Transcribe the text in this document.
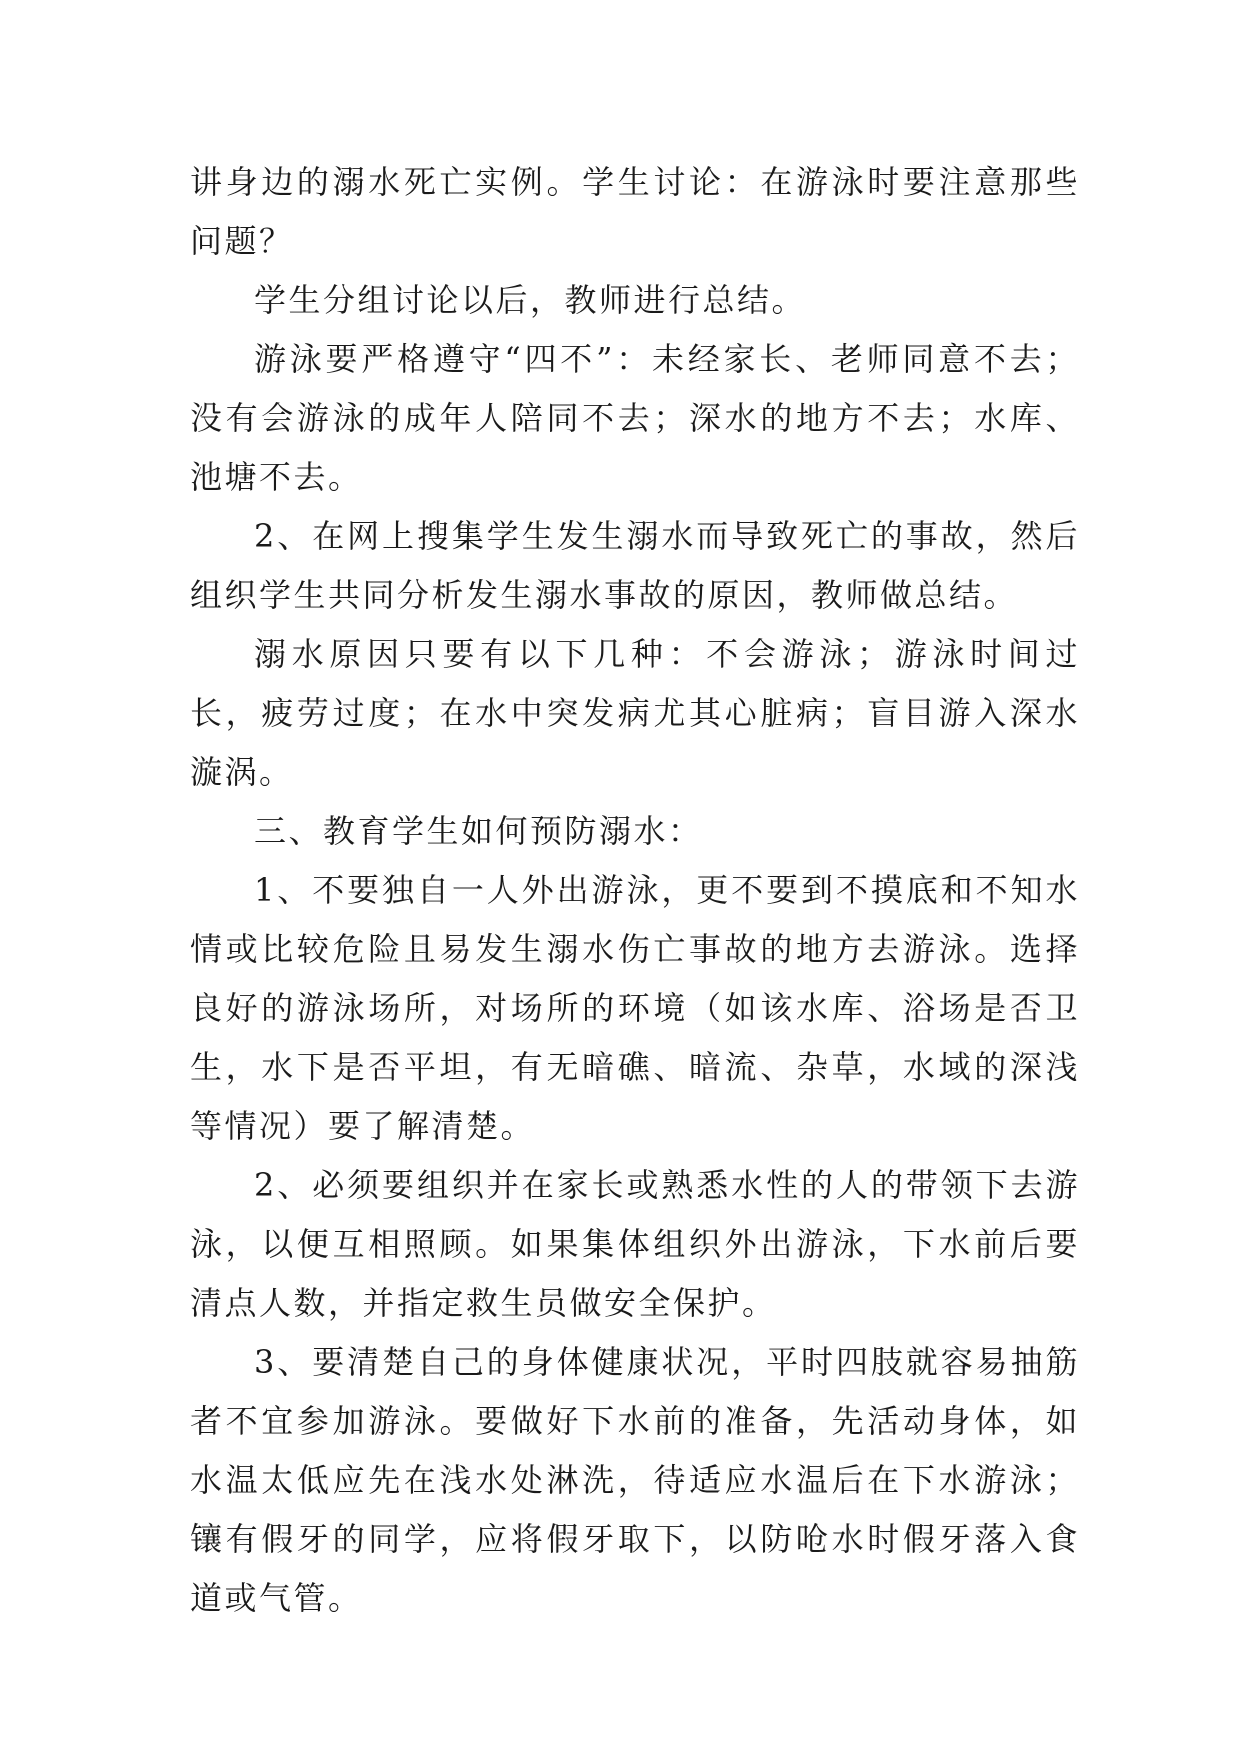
讲身边的溺水死亡实例。学生讨论：在游泳时要注意那些问题？

学生分组讨论以后，教师进行总结。

游泳要严格遵守“四不”：未经家长、老师同意不去；没有会游泳的成年人陪同不去；深水的地方不去；水库、池塘不去。

2、在网上搜集学生发生溺水而导致死亡的事故，然后组织学生共同分析发生溺水事故的原因，教师做总结。

溺水原因只要有以下几种：不会游泳；游泳时间过长，疲劳过度；在水中突发病尤其心脏病；盲目游入深水漩涡。

三、教育学生如何预防溺水：

1、不要独自一人外出游泳，更不要到不摸底和不知水情或比较危险且易发生溺水伤亡事故的地方去游泳。选择良好的游泳场所，对场所的环境（如该水库、浴场是否卫生，水下是否平坦，有无暗礁、暗流、杂草，水域的深浅等情况）要了解清楚。

2、必须要组织并在家长或熟悉水性的人的带领下去游泳，以便互相照顾。如果集体组织外出游泳，下水前后要清点人数，并指定救生员做安全保护。

3、要清楚自己的身体健康状况，平时四肢就容易抽筋者不宜参加游泳。要做好下水前的准备，先活动身体，如水温太低应先在浅水处淋洗，待适应水温后在下水游泳；镶有假牙的同学，应将假牙取下，以防呛水时假牙落入食道或气管。
